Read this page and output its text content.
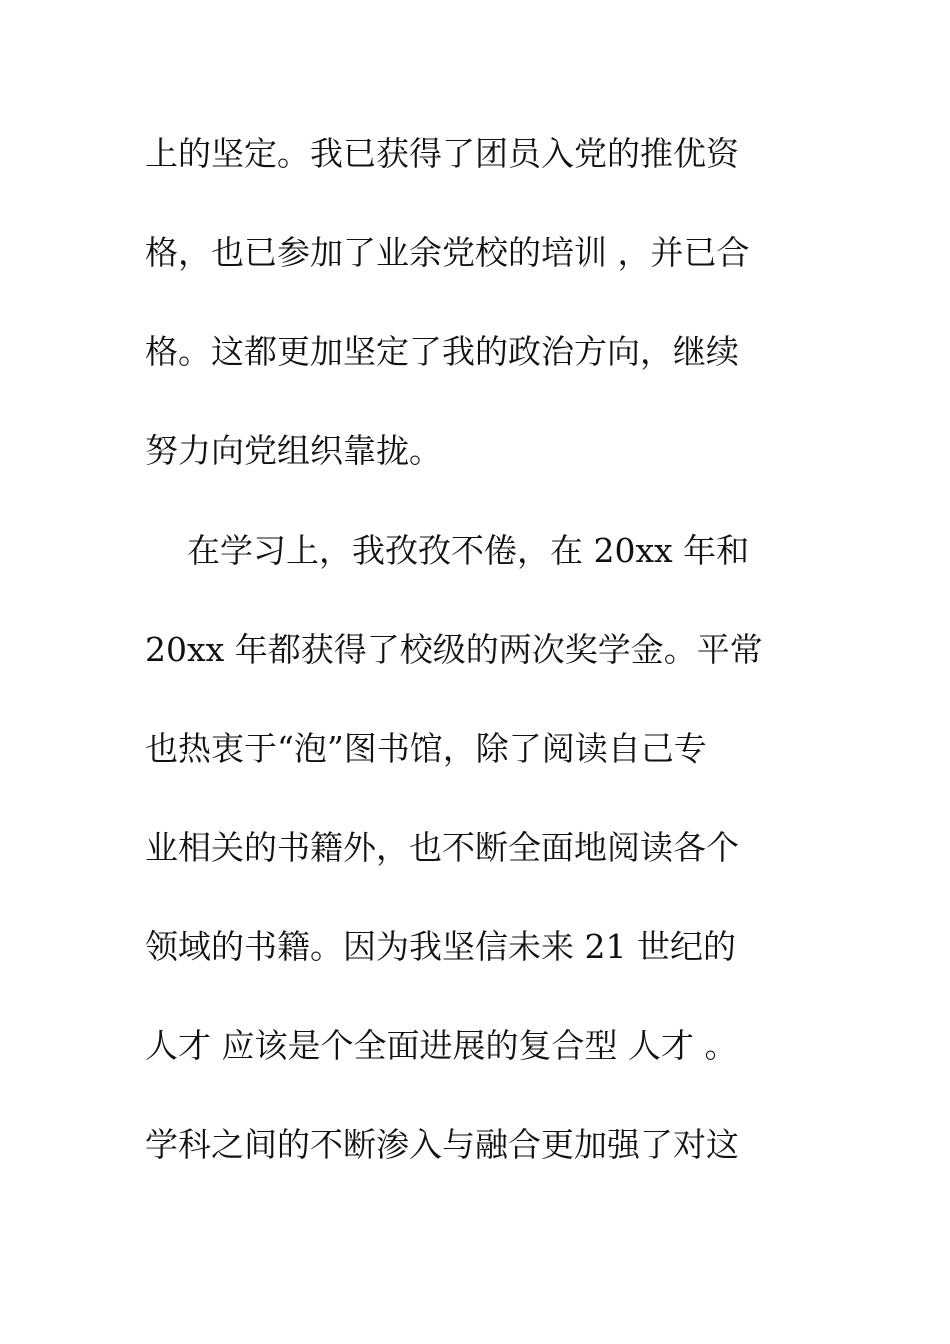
上的坚定。我已获得了团员入党的推优资
格，也已参加了业余党校的培训 ，并已合
格。这都更加坚定了我的政治方向，继续
努力向党组织靠拢。
在学习上，我孜孜不倦，在 20xx 年和
20xx 年都获得了校级的两次奖学金。平常
也热衷于“泡”图书馆，除了阅读自己专
业相关的书籍外，也不断全面地阅读各个
领域的书籍。因为我坚信未来 21 世纪的
人才 应该是个全面进展的复合型 人才 。
学科之间的不断渗入与融合更加强了对这
